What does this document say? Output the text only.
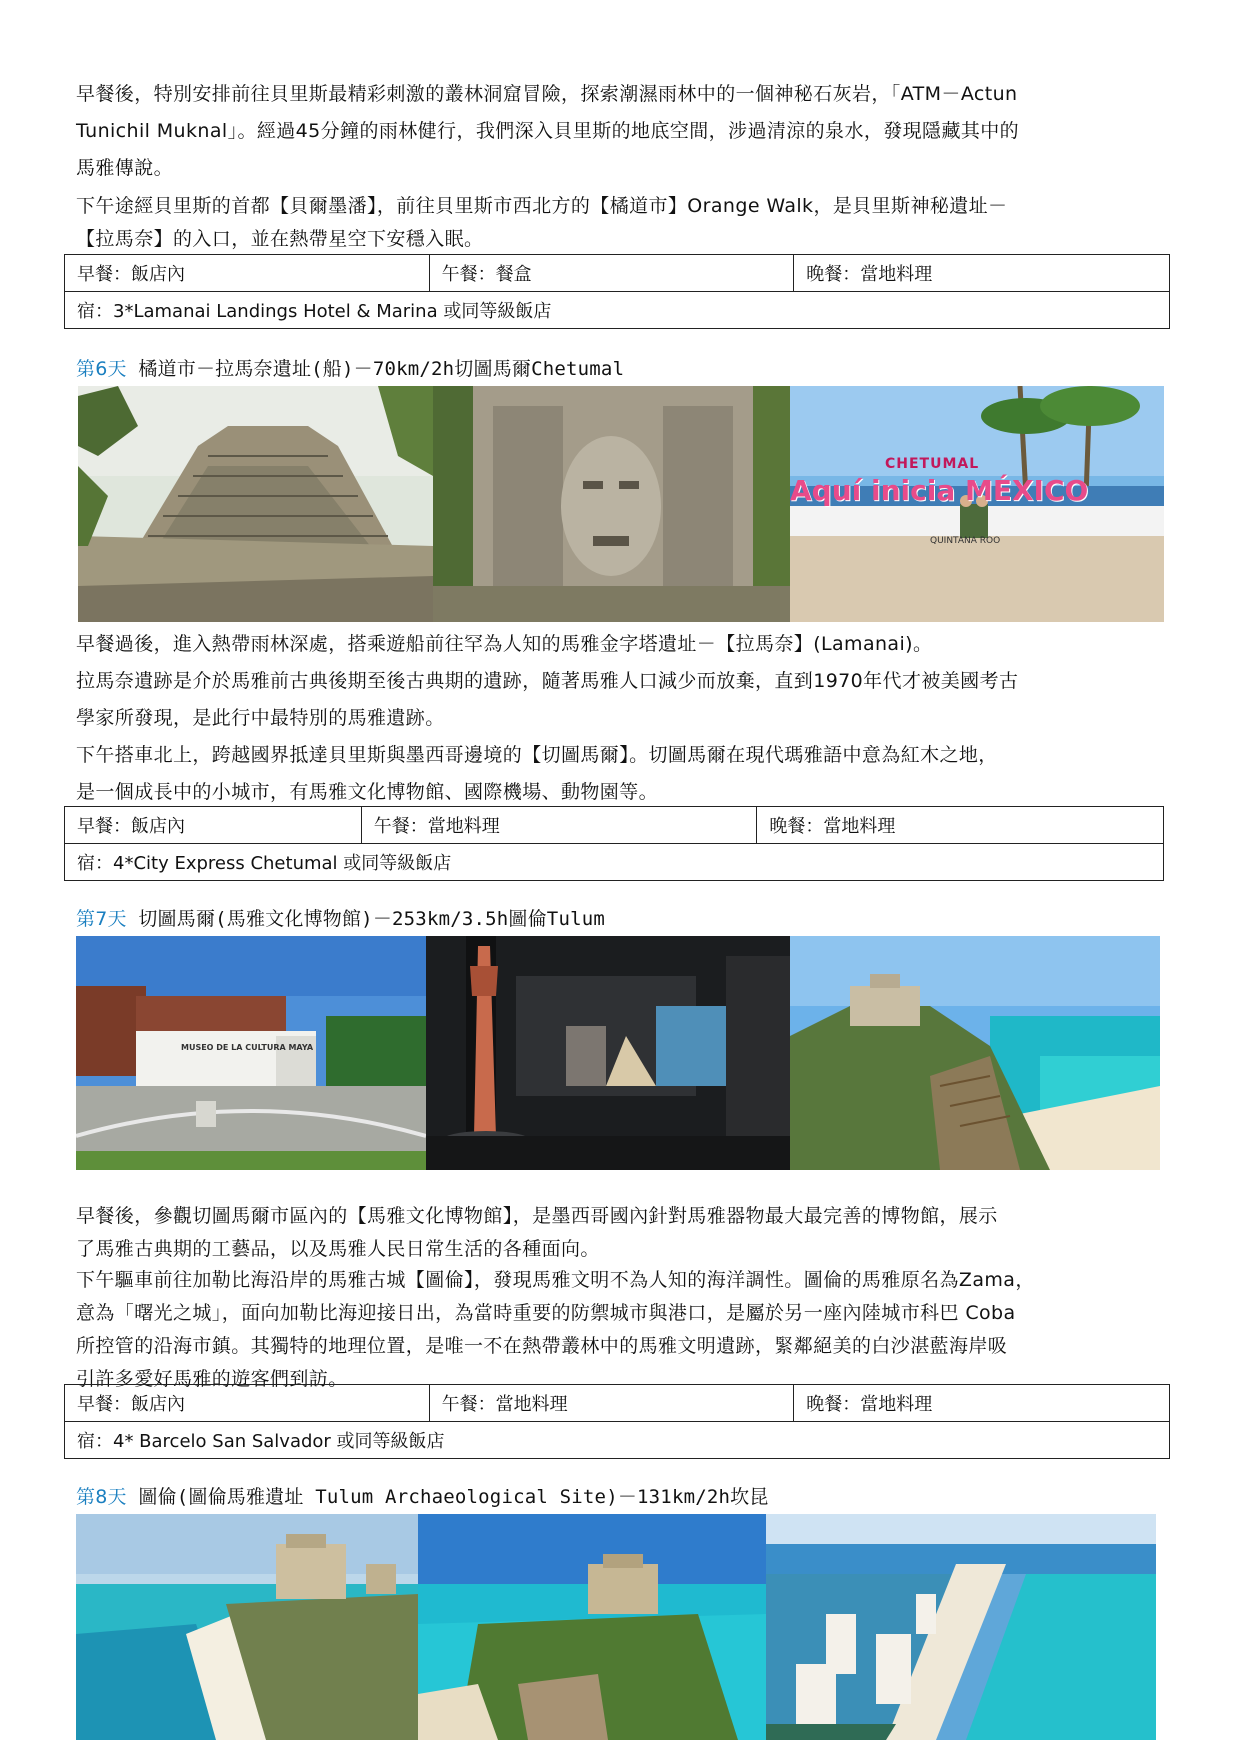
早餐後，特別安排前往貝里斯最精彩刺激的叢林洞窟冒險，探索潮濕雨林中的一個神秘石灰岩，「ATM－Actun
Tunichil Muknal」。經過45分鐘的雨林健行，我們深入貝里斯的地底空間，涉過清涼的泉水，發現隱藏其中的
馬雅傳說。

下午途經貝里斯的首都【貝爾墨潘】，前往貝里斯市西北方的【橘道市】Orange Walk，是貝里斯神秘遺址－
【拉馬奈】的入口，並在熱帶星空下安穩入眠。

早餐：飯店內	午餐：餐盒	晚餐：當地料理
宿：3*Lamanai Landings Hotel & Marina 或同等級飯店

第6天 橘道市－拉馬奈遺址(船)－70km/2h切圖馬爾Chetumal

CHETUMAL
Aquí inicia MÉXICO
QUINTANA ROO

早餐過後，進入熱帶雨林深處，搭乘遊船前往罕為人知的馬雅金字塔遺址－【拉馬奈】(Lamanai)。
拉馬奈遺跡是介於馬雅前古典後期至後古典期的遺跡，隨著馬雅人口減少而放棄，直到1970年代才被美國考古
學家所發現，是此行中最特別的馬雅遺跡。
下午搭車北上，跨越國界抵達貝里斯與墨西哥邊境的【切圖馬爾】。切圖馬爾在現代瑪雅語中意為紅木之地，
是一個成長中的小城市，有馬雅文化博物館、國際機場、動物園等。

早餐：飯店內	午餐：當地料理	晚餐：當地料理
宿：4*City Express Chetumal 或同等級飯店

第7天 切圖馬爾(馬雅文化博物館)－253km/3.5h圖倫Tulum

MUSEO DE LA CULTURA MAYA

早餐後，參觀切圖馬爾市區內的【馬雅文化博物館】，是墨西哥國內針對馬雅器物最大最完善的博物館，展示
了馬雅古典期的工藝品，以及馬雅人民日常生活的各種面向。

下午驅車前往加勒比海沿岸的馬雅古城【圖倫】，發現馬雅文明不為人知的海洋調性。圖倫的馬雅原名為Zama，
意為「曙光之城」，面向加勒比海迎接日出，為當時重要的防禦城市與港口，是屬於另一座內陸城市科巴 Coba
所控管的沿海市鎮。其獨特的地理位置，是唯一不在熱帶叢林中的馬雅文明遺跡，緊鄰絕美的白沙湛藍海岸吸
引許多愛好馬雅的遊客們到訪。

早餐：飯店內	午餐：當地料理	晚餐：當地料理
宿：4* Barcelo San Salvador 或同等級飯店

第8天 圖倫(圖倫馬雅遺址 Tulum Archaeological Site)－131km/2h坎昆
